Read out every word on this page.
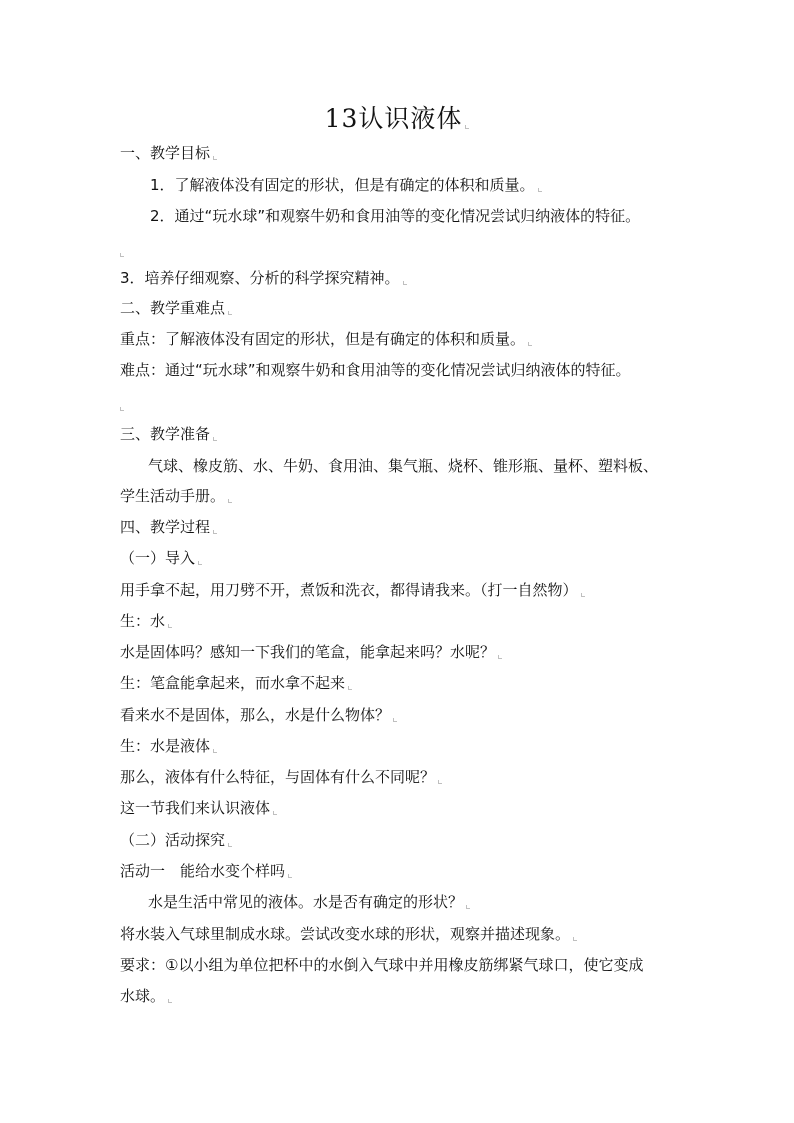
13认识液体
一、教学目标
1．了解液体没有固定的形状，但是有确定的体积和质量。
2．通过“玩水球”和观察牛奶和食用油等的变化情况尝试归纳液体的特征。
3．培养仔细观察、分析的科学探究精神。
二、教学重难点
重点：了解液体没有固定的形状，但是有确定的体积和质量。
难点：通过“玩水球”和观察牛奶和食用油等的变化情况尝试归纳液体的特征。
三、教学准备
气球、橡皮筋、水、牛奶、食用油、集气瓶、烧杯、锥形瓶、量杯、塑料板、
学生活动手册。
四、教学过程
（一）导入
用手拿不起，用刀劈不开，煮饭和洗衣，都得请我来。（打一自然物）
生：水
水是固体吗？感知一下我们的笔盒，能拿起来吗？水呢？
生：笔盒能拿起来，而水拿不起来
看来水不是固体，那么，水是什么物体？
生：水是液体
那么，液体有什么特征，与固体有什么不同呢？
这一节我们来认识液体
（二）活动探究
活动一　能给水变个样吗
水是生活中常见的液体。水是否有确定的形状？
将水装入气球里制成水球。尝试改变水球的形状，观察并描述现象。
要求：①以小组为单位把杯中的水倒入气球中并用橡皮筋绑紧气球口，使它变成
水球。
